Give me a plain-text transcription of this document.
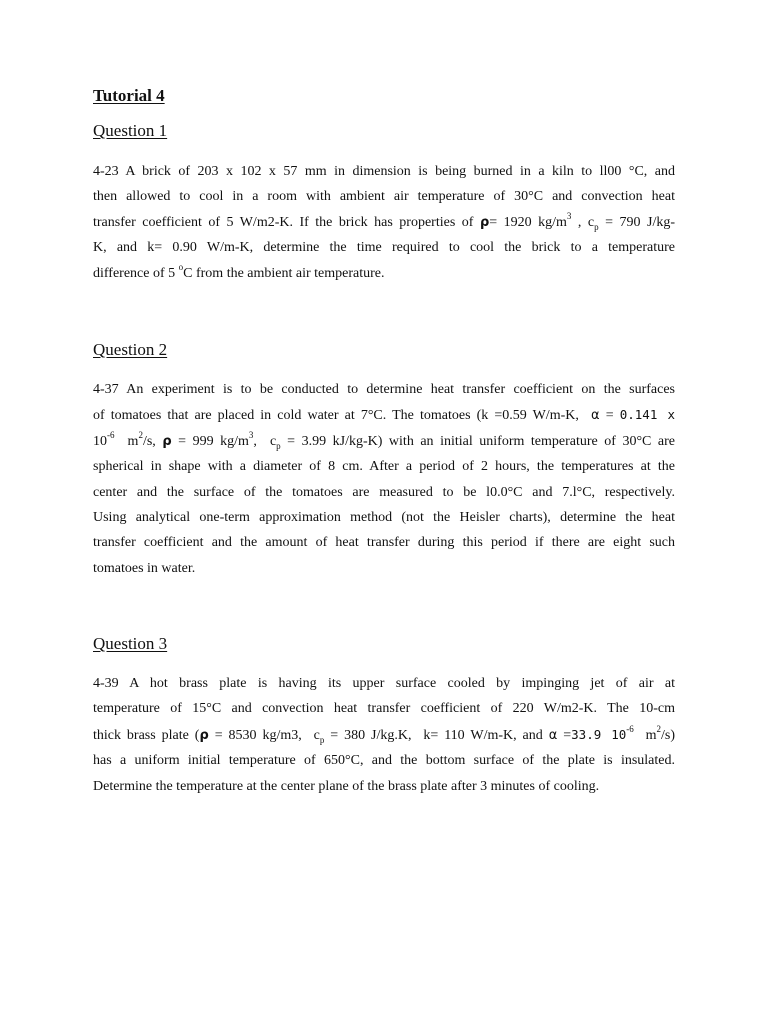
Tutorial 4
Question 1
4-23 A brick of 203 x 102 x 57 mm in dimension is being burned in a kiln to ll00 °C, and
then allowed to cool in a room with ambient air temperature of 30°C and convection heat
transfer coefficient of 5 W/m2-K. If the brick has properties of ρ= 1920 $kg/m^3$ , $c_p = 790$ J/kg-
K, and k= 0.90 W/m-K, determine the time required to cool the brick to a temperature
difference of 5 $^o$C from the ambient air temperature.
Question 2
4-37 An experiment is to be conducted to determine heat transfer coefficient on the surfaces
of tomatoes that are placed in cold water at 7°C. The tomatoes (k =0.59 W/m-K,  α = 0.141 x
$10^{-6}$  $m^2/s$, ρ = 999 $kg/m^3$,  $c_p = 3.99$ kJ/kg-K) with an initial uniform temperature of 30°C are
spherical in shape with a diameter of 8 cm. After a period of 2 hours, the temperatures at the
center and the surface of the tomatoes are measured to be l0.0°C and 7.l°C, respectively.
Using analytical one-term approximation method (not the Heisler charts), determine the heat
transfer coefficient and the amount of heat transfer during this period if there are eight such
tomatoes in water.
Question 3
4-39 A hot brass plate is having its upper surface cooled by impinging jet of air at
temperature of 15°C and convection heat transfer coefficient of 220 W/m2-K. The 10-cm
thick brass plate (ρ = 8530 kg/m3,  $c_p = 380$ J/kg.K,  k= 110 W/m-K, and α =33.9 $10^{-6}$  $m^2/s$)
has a uniform initial temperature of 650°C, and the bottom surface of the plate is insulated.
Determine the temperature at the center plane of the brass plate after 3 minutes of cooling.
